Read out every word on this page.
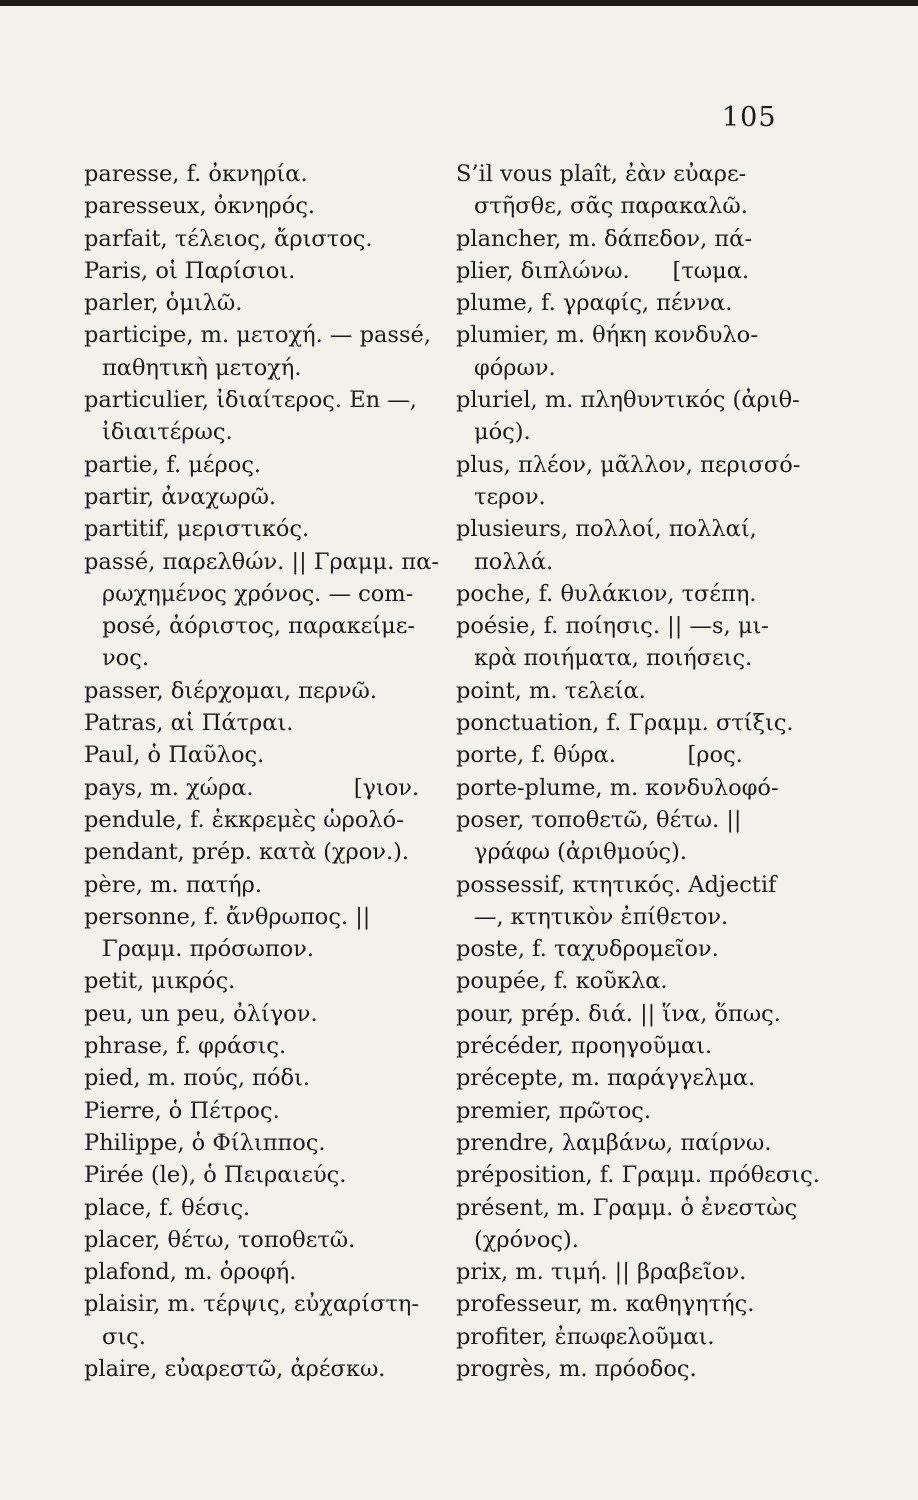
105
paresse, f. ὀκνηρία.
paresseux, ὀκνηρός.
parfait, τέλειος, ἄριστος.
Paris, οἱ Παρίσιοι.
parler, ὁμιλῶ.
participe, m. μετοχή. — passé,
παθητικὴ μετοχή.
particulier, ἰδιαίτερος. En —,
ἰδιαιτέρως.
partie, f. μέρος.
partir, ἀναχωρῶ.
partitif, μεριστικός.
passé, παρελθών. || Γραμμ. πα-
ρωχημένος χρόνος. — com-
posé, ἀόριστος, παρακείμε-
νος.
passer, διέρχομαι, περνῶ.
Patras, αἱ Πάτραι.
Paul, ὁ Παῦλος.
pays, m. χώρα.              [γιον.
pendule, f. ἐκκρεμὲς ὡρολό-
pendant, prép. κατὰ (χρον.).
père, m. πατήρ.
personne, f. ἄνθρωπος. ||
Γραμμ. πρόσωπον.
petit, μικρός.
peu, un peu, ὀλίγον.
phrase, f. φράσις.
pied, m. πούς, πόδι.
Pierre, ὁ Πέτρος.
Philippe, ὁ Φίλιππος.
Pirée (le), ὁ Πειραιεύς.
place, f. θέσις.
placer, θέτω, τοποθετῶ.
plafond, m. ὀροφή.
plaisir, m. τέρψις, εὐχαρίστη-
σις.
plaire, εὐαρεστῶ, ἀρέσκω.
S’il vous plaît, ἐὰν εὐαρε-
στῆσθε, σᾶς παρακαλῶ.
plancher, m. δάπεδον, πά-
plier, διπλώνω.      [τωμα.
plume, f. γραφίς, πέννα.
plumier, m. θήκη κονδυλο-
φόρων.
pluriel, m. πληθυντικός (ἀριθ-
μός).
plus, πλέον, μᾶλλον, περισσό-
τερον.
plusieurs, πολλοί, πολλαί,
πολλά.
poche, f. θυλάκιον, τσέπη.
poésie, f. ποίησις. || —s, μι-
κρὰ ποιήματα, ποιήσεις.
point, m. τελεία.
ponctuation, f. Γραμμ. στίξις.
porte, f. θύρα.          [ρος.
porte-plume, m. κονδυλοφό-
poser, τοποθετῶ, θέτω. ||
γράφω (ἀριθμούς).
possessif, κτητικός. Adjectif
—, κτητικὸν ἐπίθετον.
poste, f. ταχυδρομεῖον.
poupée, f. κοῦκλα.
pour, prép. διά. || ἵνα, ὅπως.
précéder, προηγοῦμαι.
précepte, m. παράγγελμα.
premier, πρῶτος.
prendre, λαμβάνω, παίρνω.
préposition, f. Γραμμ. πρόθεσις.
présent, m. Γραμμ. ὁ ἐνεστὼς
(χρόνος).
prix, m. τιμή. || βραβεῖον.
professeur, m. καθηγητής.
profiter, ἐπωφελοῦμαι.
progrès, m. πρόοδος.
